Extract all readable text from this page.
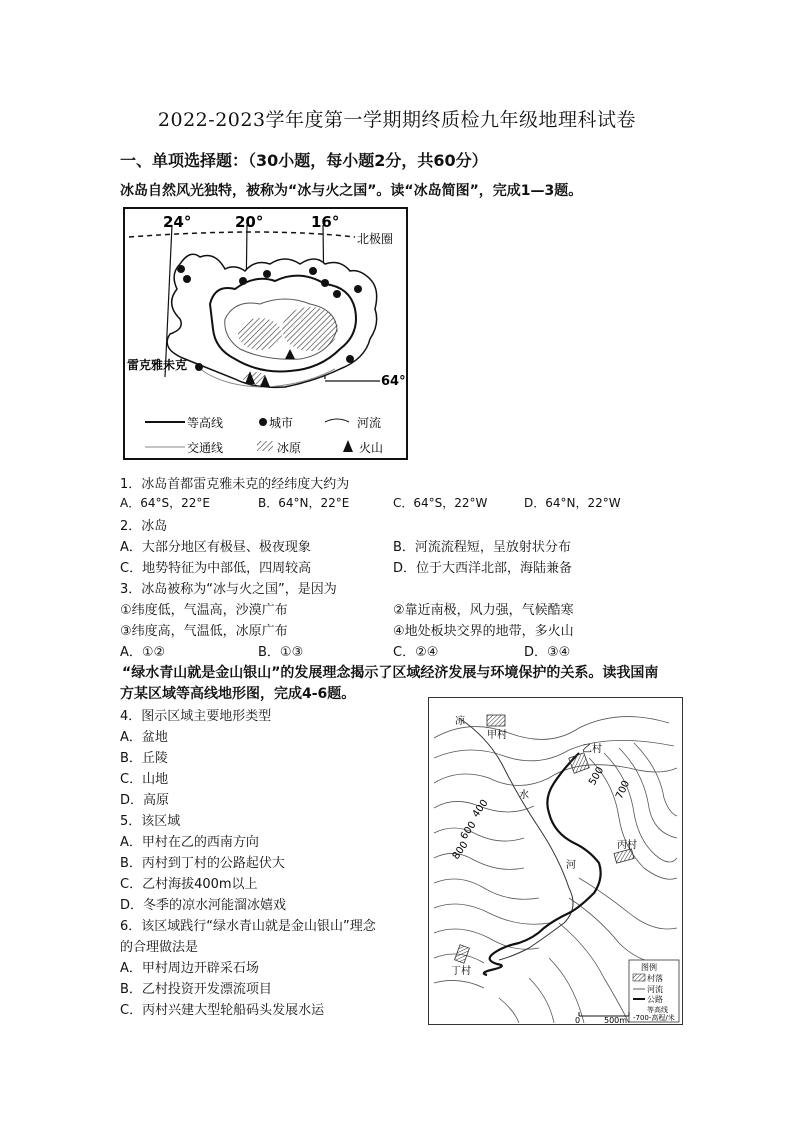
2022-2023学年度第一学期期终质检九年级地理科试卷
一、单项选择题：（30小题，每小题2分，共60分）
冰岛自然风光独特，被称为“冰与火之国”。读“冰岛简图”，完成1—3题。
24°	20°	16°
北极圈
雷克雅未克
64°
等高线	城市	河流
交通线	冰原	火山
1．冰岛首都雷克雅未克的经纬度大约为
A．64°S，22°E	B．64°N，22°E	C．64°S，22°W	D．64°N，22°W
2．冰岛
A．大部分地区有极昼、极夜现象	B．河流流程短，呈放射状分布
C．地势特征为中部低，四周较高	D．位于大西洋北部，海陆兼备
3．冰岛被称为“冰与火之国”，是因为
①纬度低，气温高，沙漠广布	②靠近南极，风力强，气候酷寒
③纬度高，气温低，冰原广布	④地处板块交界的地带，多火山
A．①②	B．①③	C．②④	D．③④
“绿水青山就是金山银山”的发展理念揭示了区域经济发展与环境保护的关系。读我国南
方某区域等高线地形图，完成4-6题。
4．图示区域主要地形类型
A．盆地
B．丘陵
C．山地
D．高原
5．该区域
A．甲村在乙的西南方向
B．丙村到丁村的公路起伏大
C．乙村海拔400m以上
D．冬季的凉水河能溜冰嬉戏
6．该区域践行“绿水青山就是金山银山”理念
的合理做法是
A．甲村周边开辟采石场
B．乙村投资开发漂流项目
C．丙村兴建大型轮船码头发展水运
凉
甲村
乙村
水
河
丙村
丁村
500
700
400
600
800
图例
村落
河流
公路
等高线
-700-高程/米
0	500m
